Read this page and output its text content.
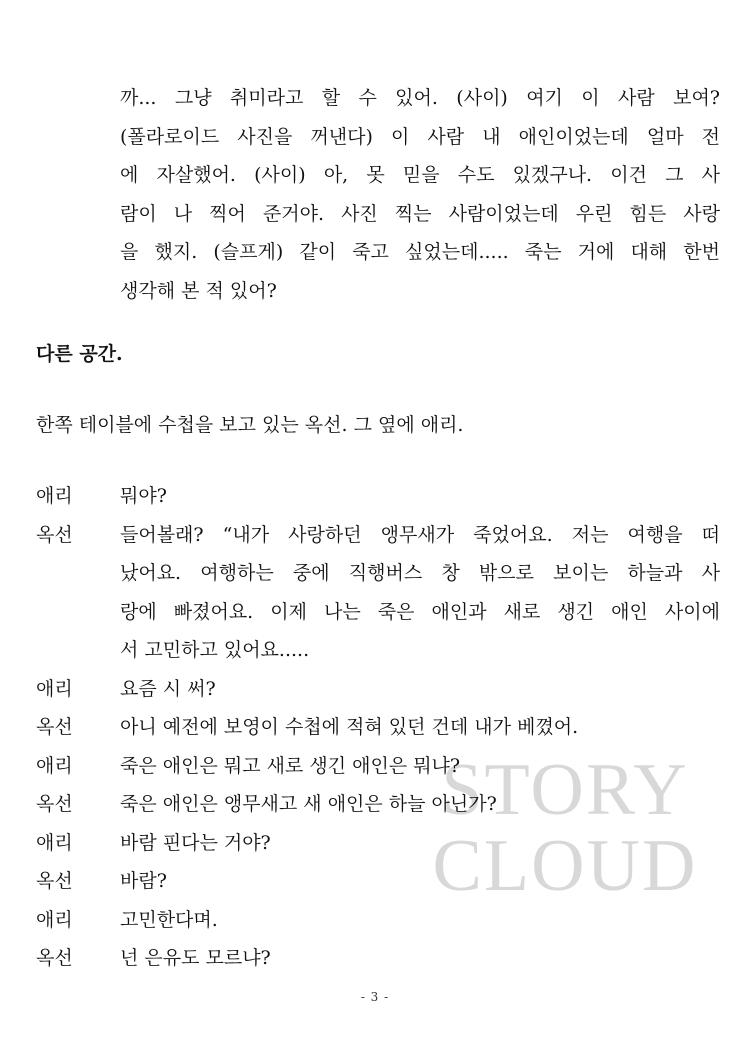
STORY
CLOUD
까... 그냥 취미라고 할 수 있어. (사이) 여기 이 사람 보여?
(폴라로이드 사진을 꺼낸다) 이 사람 내 애인이었는데 얼마 전
에 자살했어. (사이) 아, 못 믿을 수도 있겠구나. 이건 그 사
람이 나 찍어 준거야. 사진 찍는 사람이었는데 우린 힘든 사랑
을 했지. (슬프게) 같이 죽고 싶었는데..... 죽는 거에 대해 한번
생각해 본 적 있어?
다른 공간.
한쪽 테이블에 수첩을 보고 있는 옥선. 그 옆에 애리.
애리	뭐야?
옥선	들어볼래? “내가 사랑하던 앵무새가 죽었어요. 저는 여행을 떠
났어요. 여행하는 중에 직행버스 창 밖으로 보이는 하늘과 사
랑에 빠졌어요. 이제 나는 죽은 애인과 새로 생긴 애인 사이에
서 고민하고 있어요.....
애리	요즘 시 써?
옥선	아니 예전에 보영이 수첩에 적혀 있던 건데 내가 베꼈어.
애리	죽은 애인은 뭐고 새로 생긴 애인은 뭐냐?
옥선	죽은 애인은 앵무새고 새 애인은 하늘 아닌가?
애리	바람 핀다는 거야?
옥선	바람?
애리	고민한다며.
옥선	넌 은유도 모르냐?
- 3 -
